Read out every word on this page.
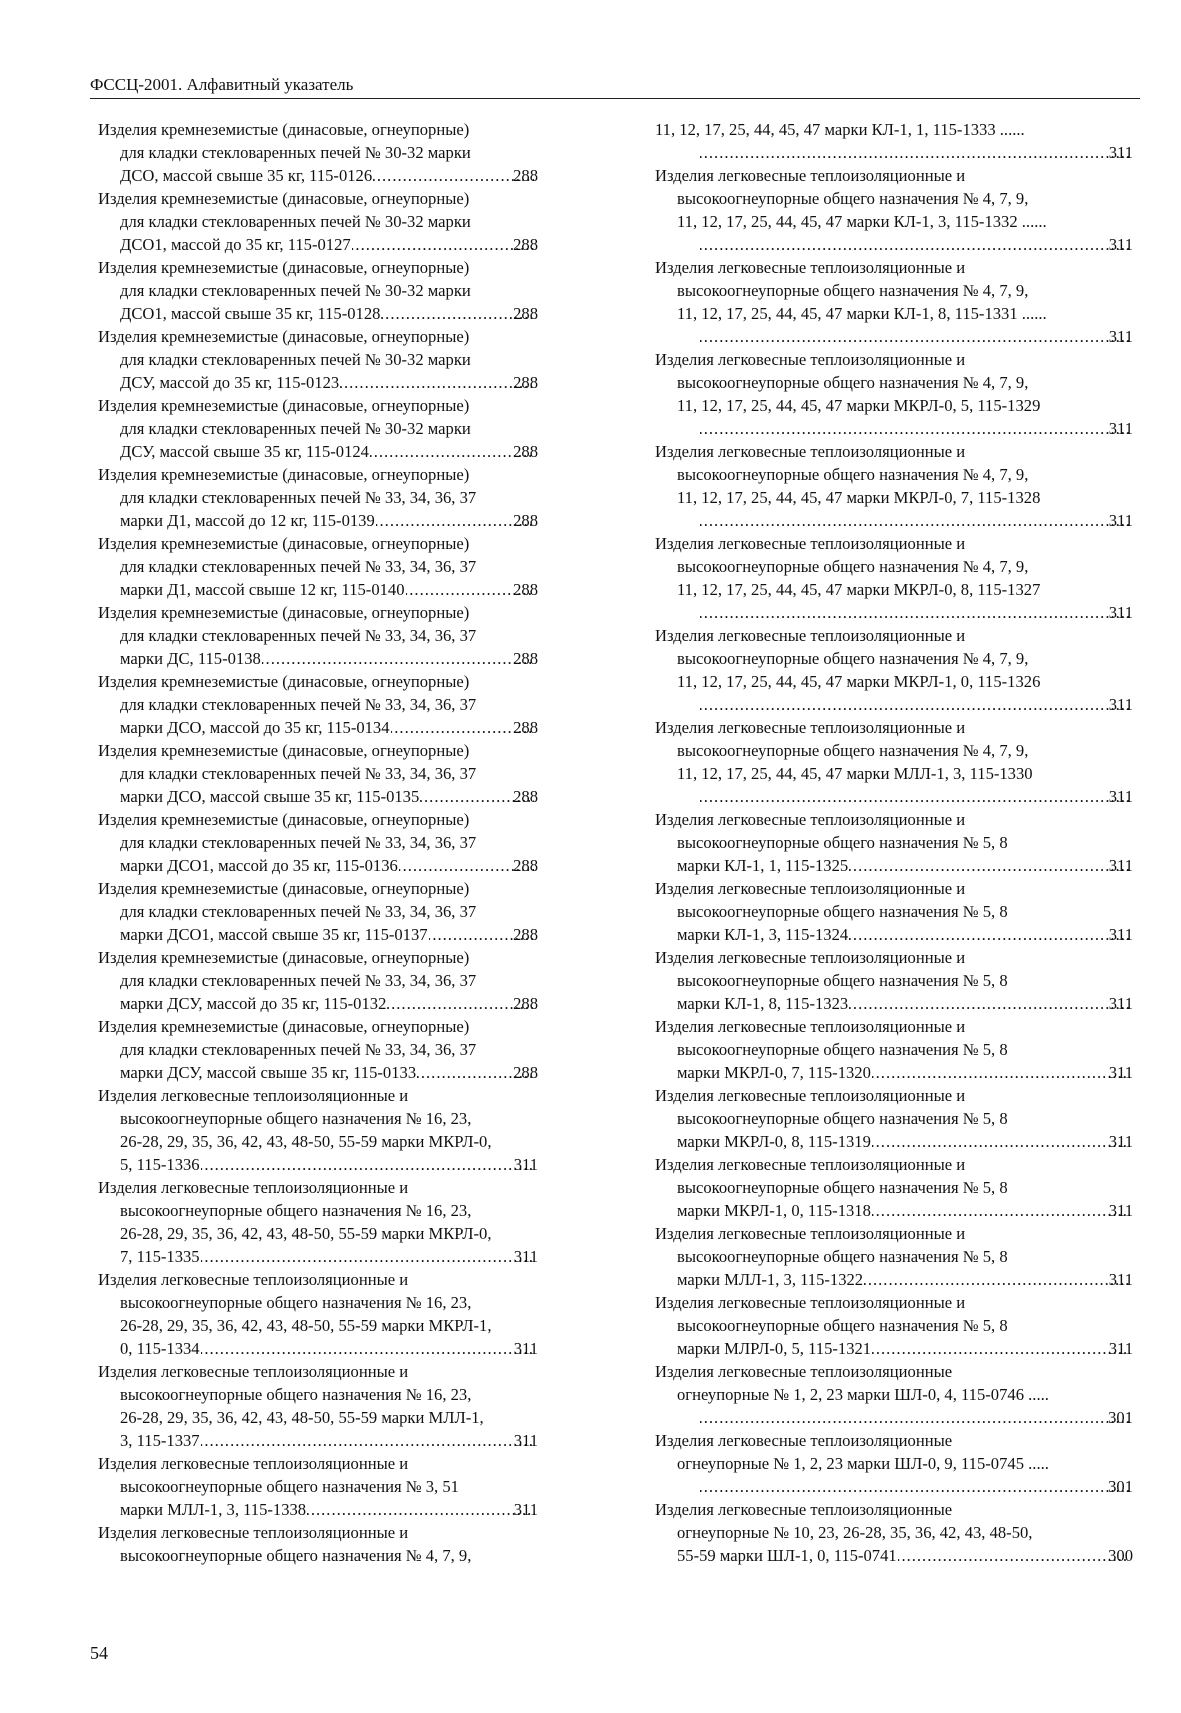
ФССЦ-2001. Алфавитный указатель
Изделия кремнеземистые (динасовые, огнеупорные)
для кладки стекловаренных печей № 30-32 марки
ДСО, массой свыше 35 кг, 115-0126 .....	288
Изделия кремнеземистые (динасовые, огнеупорные)
для кладки стекловаренных печей № 30-32 марки
ДСО1, массой до 35 кг, 115-0127 .....	288
Изделия кремнеземистые (динасовые, огнеупорные)
для кладки стекловаренных печей № 30-32 марки
ДСО1, массой свыше 35 кг, 115-0128 .....	288
Изделия кремнеземистые (динасовые, огнеупорные)
для кладки стекловаренных печей № 30-32 марки
ДСУ, массой до 35 кг, 115-0123 .....	288
Изделия кремнеземистые (динасовые, огнеупорные)
для кладки стекловаренных печей № 30-32 марки
ДСУ, массой свыше 35 кг, 115-0124 .....	288
Изделия кремнеземистые (динасовые, огнеупорные)
для кладки стекловаренных печей № 33, 34, 36, 37
марки Д1, массой до 12 кг, 115-0139 .....	288
Изделия кремнеземистые (динасовые, огнеупорные)
для кладки стекловаренных печей № 33, 34, 36, 37
марки Д1, массой свыше 12 кг, 115-0140 .....	288
Изделия кремнеземистые (динасовые, огнеупорные)
для кладки стекловаренных печей № 33, 34, 36, 37
марки ДС, 115-0138 .....	288
Изделия кремнеземистые (динасовые, огнеупорные)
для кладки стекловаренных печей № 33, 34, 36, 37
марки ДСО, массой до 35 кг, 115-0134 .....	288
Изделия кремнеземистые (динасовые, огнеупорные)
для кладки стекловаренных печей № 33, 34, 36, 37
марки ДСО, массой свыше 35 кг, 115-0135 .....	288
Изделия кремнеземистые (динасовые, огнеупорные)
для кладки стекловаренных печей № 33, 34, 36, 37
марки ДСО1, массой до 35 кг, 115-0136 .....	288
Изделия кремнеземистые (динасовые, огнеупорные)
для кладки стекловаренных печей № 33, 34, 36, 37
марки ДСО1, массой свыше 35 кг, 115-0137 .....	288
Изделия кремнеземистые (динасовые, огнеупорные)
для кладки стекловаренных печей № 33, 34, 36, 37
марки ДСУ, массой до 35 кг, 115-0132 .....	288
Изделия кремнеземистые (динасовые, огнеупорные)
для кладки стекловаренных печей № 33, 34, 36, 37
марки ДСУ, массой свыше 35 кг, 115-0133 .....	288
Изделия легковесные теплоизоляционные и
высокоогнеупорные общего назначения № 16, 23,
26-28, 29, 35, 36, 42, 43, 48-50, 55-59 марки МКРЛ-0,
5, 115-1336 .....	311
Изделия легковесные теплоизоляционные и
высокоогнеупорные общего назначения № 16, 23,
26-28, 29, 35, 36, 42, 43, 48-50, 55-59 марки МКРЛ-0,
7, 115-1335 .....	311
Изделия легковесные теплоизоляционные и
высокоогнеупорные общего назначения № 16, 23,
26-28, 29, 35, 36, 42, 43, 48-50, 55-59 марки МКРЛ-1,
0, 115-1334 .....	311
Изделия легковесные теплоизоляционные и
высокоогнеупорные общего назначения № 16, 23,
26-28, 29, 35, 36, 42, 43, 48-50, 55-59 марки МЛЛ-1,
3, 115-1337 .....	311
Изделия легковесные теплоизоляционные и
высокоогнеупорные общего назначения № 3, 51
марки МЛЛ-1, 3, 115-1338 .....	311
Изделия легковесные теплоизоляционные и
высокоогнеупорные общего назначения № 4, 7, 9,
11, 12, 17, 25, 44, 45, 47 марки КЛ-1, 1, 115-1333 ......
.....
311
Изделия легковесные теплоизоляционные и
высокоогнеупорные общего назначения № 4, 7, 9,
11, 12, 17, 25, 44, 45, 47 марки КЛ-1, 3, 115-1332 ......
.....
311
Изделия легковесные теплоизоляционные и
высокоогнеупорные общего назначения № 4, 7, 9,
11, 12, 17, 25, 44, 45, 47 марки КЛ-1, 8, 115-1331 ......
.....
311
Изделия легковесные теплоизоляционные и
высокоогнеупорные общего назначения № 4, 7, 9,
11, 12, 17, 25, 44, 45, 47 марки МКРЛ-0, 5, 115-1329
.....
311
Изделия легковесные теплоизоляционные и
высокоогнеупорные общего назначения № 4, 7, 9,
11, 12, 17, 25, 44, 45, 47 марки МКРЛ-0, 7, 115-1328
.....
311
Изделия легковесные теплоизоляционные и
высокоогнеупорные общего назначения № 4, 7, 9,
11, 12, 17, 25, 44, 45, 47 марки МКРЛ-0, 8, 115-1327
.....
311
Изделия легковесные теплоизоляционные и
высокоогнеупорные общего назначения № 4, 7, 9,
11, 12, 17, 25, 44, 45, 47 марки МКРЛ-1, 0, 115-1326
.....
311
Изделия легковесные теплоизоляционные и
высокоогнеупорные общего назначения № 4, 7, 9,
11, 12, 17, 25, 44, 45, 47 марки МЛЛ-1, 3, 115-1330
.....
311
Изделия легковесные теплоизоляционные и
высокоогнеупорные общего назначения № 5, 8
марки КЛ-1, 1, 115-1325 .....	311
Изделия легковесные теплоизоляционные и
высокоогнеупорные общего назначения № 5, 8
марки КЛ-1, 3, 115-1324 .....	311
Изделия легковесные теплоизоляционные и
высокоогнеупорные общего назначения № 5, 8
марки КЛ-1, 8, 115-1323 .....	311
Изделия легковесные теплоизоляционные и
высокоогнеупорные общего назначения № 5, 8
марки МКРЛ-0, 7, 115-1320 .....	311
Изделия легковесные теплоизоляционные и
высокоогнеупорные общего назначения № 5, 8
марки МКРЛ-0, 8, 115-1319 .....	311
Изделия легковесные теплоизоляционные и
высокоогнеупорные общего назначения № 5, 8
марки МКРЛ-1, 0, 115-1318 .....	311
Изделия легковесные теплоизоляционные и
высокоогнеупорные общего назначения № 5, 8
марки МЛЛ-1, 3, 115-1322 .....	311
Изделия легковесные теплоизоляционные и
высокоогнеупорные общего назначения № 5, 8
марки МЛРЛ-0, 5, 115-1321 .....	311
Изделия легковесные теплоизоляционные
огнеупорные № 1, 2, 23 марки ШЛ-0, 4, 115-0746 .....
.....
301
Изделия легковесные теплоизоляционные
огнеупорные № 1, 2, 23 марки ШЛ-0, 9, 115-0745 .....
.....
301
Изделия легковесные теплоизоляционные
огнеупорные № 10, 23, 26-28, 35, 36, 42, 43, 48-50,
55-59 марки ШЛ-1, 0, 115-0741 .....	300
54
